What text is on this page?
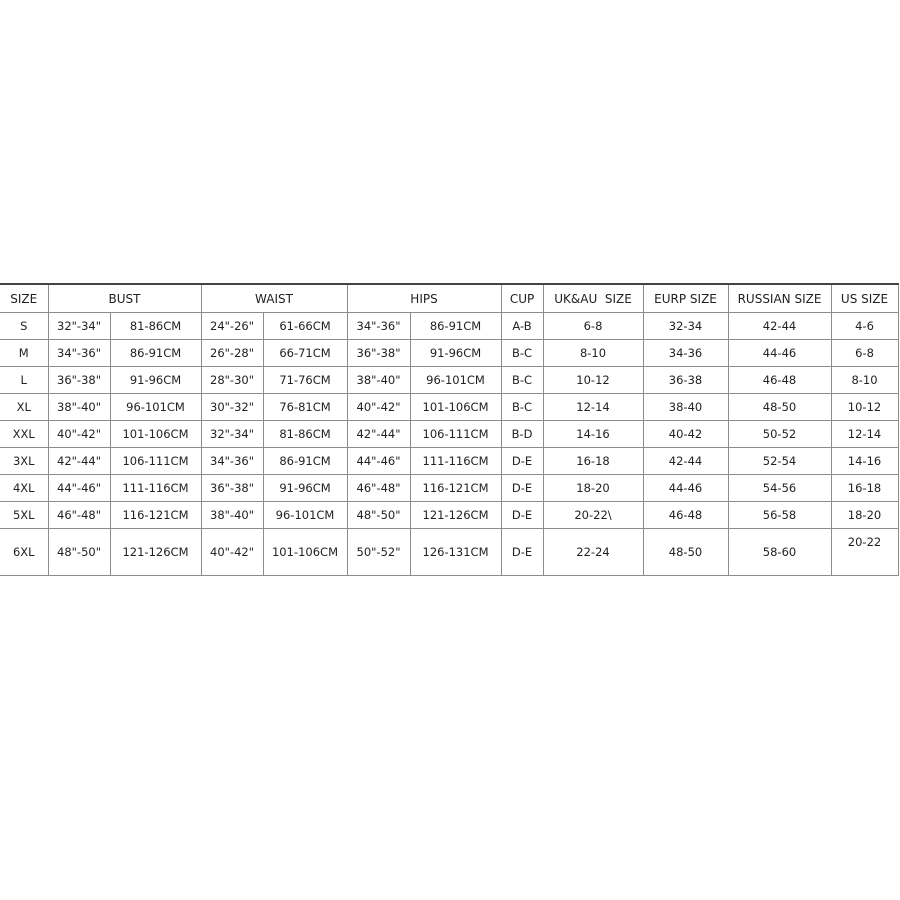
SIZE	BUST		WAIST		HIPS		CUP	UK&AU  SIZE	EURP SIZE	RUSSIAN SIZE	US SIZE
S	32"-34"	81-86CM	24"-26"	61-66CM	34"-36"	86-91CM	A-B	6-8	32-34	42-44	4-6
M	34"-36"	86-91CM	26"-28"	66-71CM	36"-38"	91-96CM	B-C	8-10	34-36	44-46	6-8
L	36"-38"	91-96CM	28"-30"	71-76CM	38"-40"	96-101CM	B-C	10-12	36-38	46-48	8-10
XL	38"-40"	96-101CM	30"-32"	76-81CM	40"-42"	101-106CM	B-C	12-14	38-40	48-50	10-12
XXL	40"-42"	101-106CM	32"-34"	81-86CM	42"-44"	106-111CM	B-D	14-16	40-42	50-52	12-14
3XL	42"-44"	106-111CM	34"-36"	86-91CM	44"-46"	111-116CM	D-E	16-18	42-44	52-54	14-16
4XL	44"-46"	111-116CM	36"-38"	91-96CM	46"-48"	116-121CM	D-E	18-20	44-46	54-56	16-18
5XL	46"-48"	116-121CM	38"-40"	96-101CM	48"-50"	121-126CM	D-E	20-22\	46-48	56-58	18-20
6XL	48"-50"	121-126CM	40"-42"	101-106CM	50"-52"	126-131CM	D-E	22-24	48-50	58-60	20-22
